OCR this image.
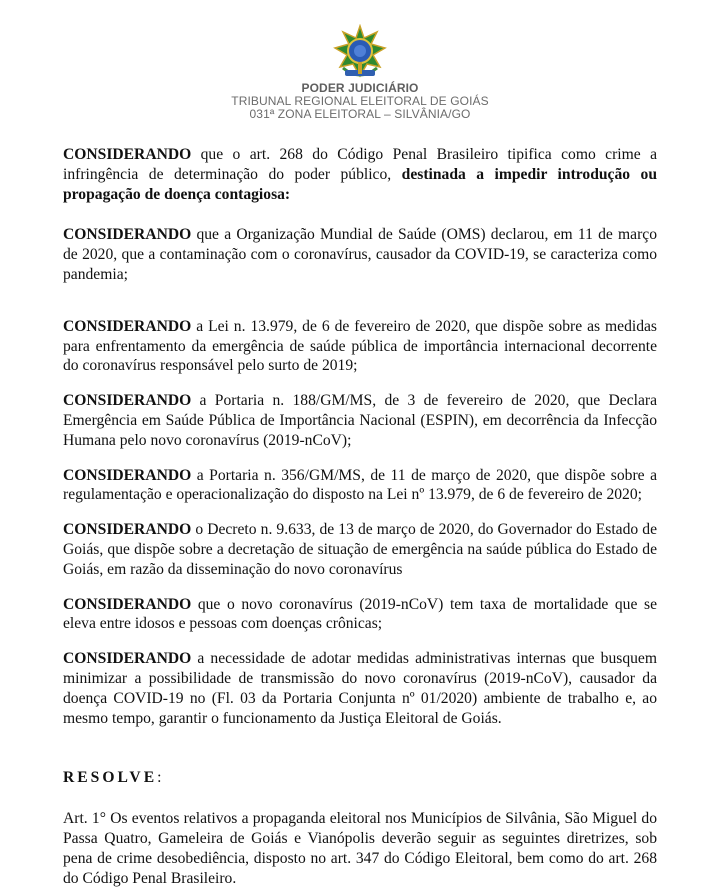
PODER JUDICIÁRIO
TRIBUNAL REGIONAL ELEITORAL DE GOIÁS
031ª ZONA ELEITORAL – SILVÂNIA/GO

CONSIDERANDO que o art. 268 do Código Penal Brasileiro tipifica como crime a infringência de determinação do poder público, destinada a impedir introdução ou propagação de doença contagiosa:

CONSIDERANDO que a Organização Mundial de Saúde (OMS) declarou, em 11 de março de 2020, que a contaminação com o coronavírus, causador da COVID-19, se caracteriza como pandemia;

CONSIDERANDO a Lei n. 13.979, de 6 de fevereiro de 2020, que dispõe sobre as medidas para enfrentamento da emergência de saúde pública de importância internacional decorrente do coronavírus responsável pelo surto de 2019;

CONSIDERANDO a Portaria n. 188/GM/MS, de 3 de fevereiro de 2020, que Declara Emergência em Saúde Pública de Importância Nacional (ESPIN), em decorrência da Infecção Humana pelo novo coronavírus (2019-nCoV);

CONSIDERANDO a Portaria n. 356/GM/MS, de 11 de março de 2020, que dispõe sobre a regulamentação e operacionalização do disposto na Lei nº 13.979, de 6 de fevereiro de 2020;

CONSIDERANDO o Decreto n. 9.633, de 13 de março de 2020, do Governador do Estado de Goiás, que dispõe sobre a decretação de situação de emergência na saúde pública do Estado de Goiás, em razão da disseminação do novo coronavírus

CONSIDERANDO que o novo coronavírus (2019-nCoV) tem taxa de mortalidade que se eleva entre idosos e pessoas com doenças crônicas;

CONSIDERANDO a necessidade de adotar medidas administrativas internas que busquem minimizar a possibilidade de transmissão do novo coronavírus (2019-nCoV), causador da doença COVID-19 no (Fl. 03 da Portaria Conjunta nº 01/2020) ambiente de trabalho e, ao mesmo tempo, garantir o funcionamento da Justiça Eleitoral de Goiás.

RESOLVE:

Art. 1° Os eventos relativos a propaganda eleitoral nos Municípios de Silvânia, São Miguel do Passa Quatro, Gameleira de Goiás e Vianópolis deverão seguir as seguintes diretrizes, sob pena de crime desobediência, disposto no art. 347 do Código Eleitoral, bem como do art. 268 do Código Penal Brasileiro.
